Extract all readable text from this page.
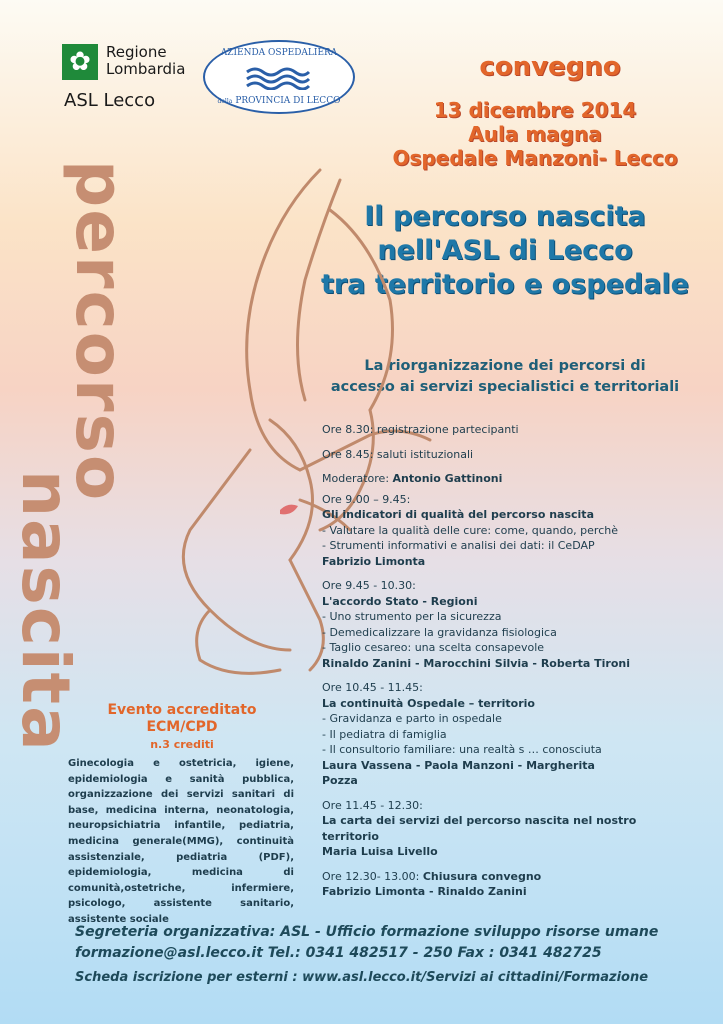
✿ Regione
Lombardia
ASL Lecco
AZIENDA OSPEDALIERA
della PROVINCIA DI LECCO
convegno
13 dicembre 2014
Aula magna
Ospedale Manzoni- Lecco
Il percorso nascita
nell'ASL di Lecco
tra territorio e ospedale
La riorganizzazione dei percorsi di
accesso ai servizi specialistici e territoriali
percorso
nascita
Ore 8.30: registrazione partecipanti
Ore 8.45: saluti istituzionali
Moderatore: Antonio Gattinoni
Ore 9.00 – 9.45:
Gli indicatori di qualità del percorso nascita
- Valutare la qualità delle cure: come, quando, perchè
- Strumenti informativi e analisi dei dati: il CeDAP
Fabrizio Limonta
Ore 9.45 - 10.30:
L'accordo Stato - Regioni
- Uno strumento per la sicurezza
- Demedicalizzare la gravidanza fisiologica
- Taglio cesareo: una scelta consapevole
Rinaldo Zanini - Marocchini Silvia - Roberta Tironi
Ore 10.45 - 11.45:
La continuità Ospedale – territorio
- Gravidanza e parto in ospedale
- Il pediatra di famiglia
- Il consultorio familiare: una realtà s … conosciuta
Laura Vassena - Paola Manzoni - Margherita
Pozza
Ore 11.45 - 12.30:
La carta dei servizi del percorso nascita nel nostro
territorio
Maria Luisa Livello
Ore 12.30- 13.00: Chiusura convegno
Fabrizio Limonta - Rinaldo Zanini
Evento accreditato
ECM/CPD
n.3 crediti
Ginecologia e ostetricia, igiene, epidemiologia e sanità pubblica, organizzazione dei servizi sanitari di base, medicina interna, neonatologia, neuropsichiatria infantile, pediatria, medicina generale(MMG), continuità assistenziale, pediatria (PDF), epidemiologia, medicina di comunità,ostetriche, infermiere, psicologo, assistente sanitario, assistente sociale
Segreteria organizzativa: ASL - Ufficio formazione sviluppo risorse umane
formazione@asl.lecco.it Tel.: 0341 482517 - 250 Fax : 0341 482725
Scheda iscrizione per esterni : www.asl.lecco.it/Servizi ai cittadini/Formazione
